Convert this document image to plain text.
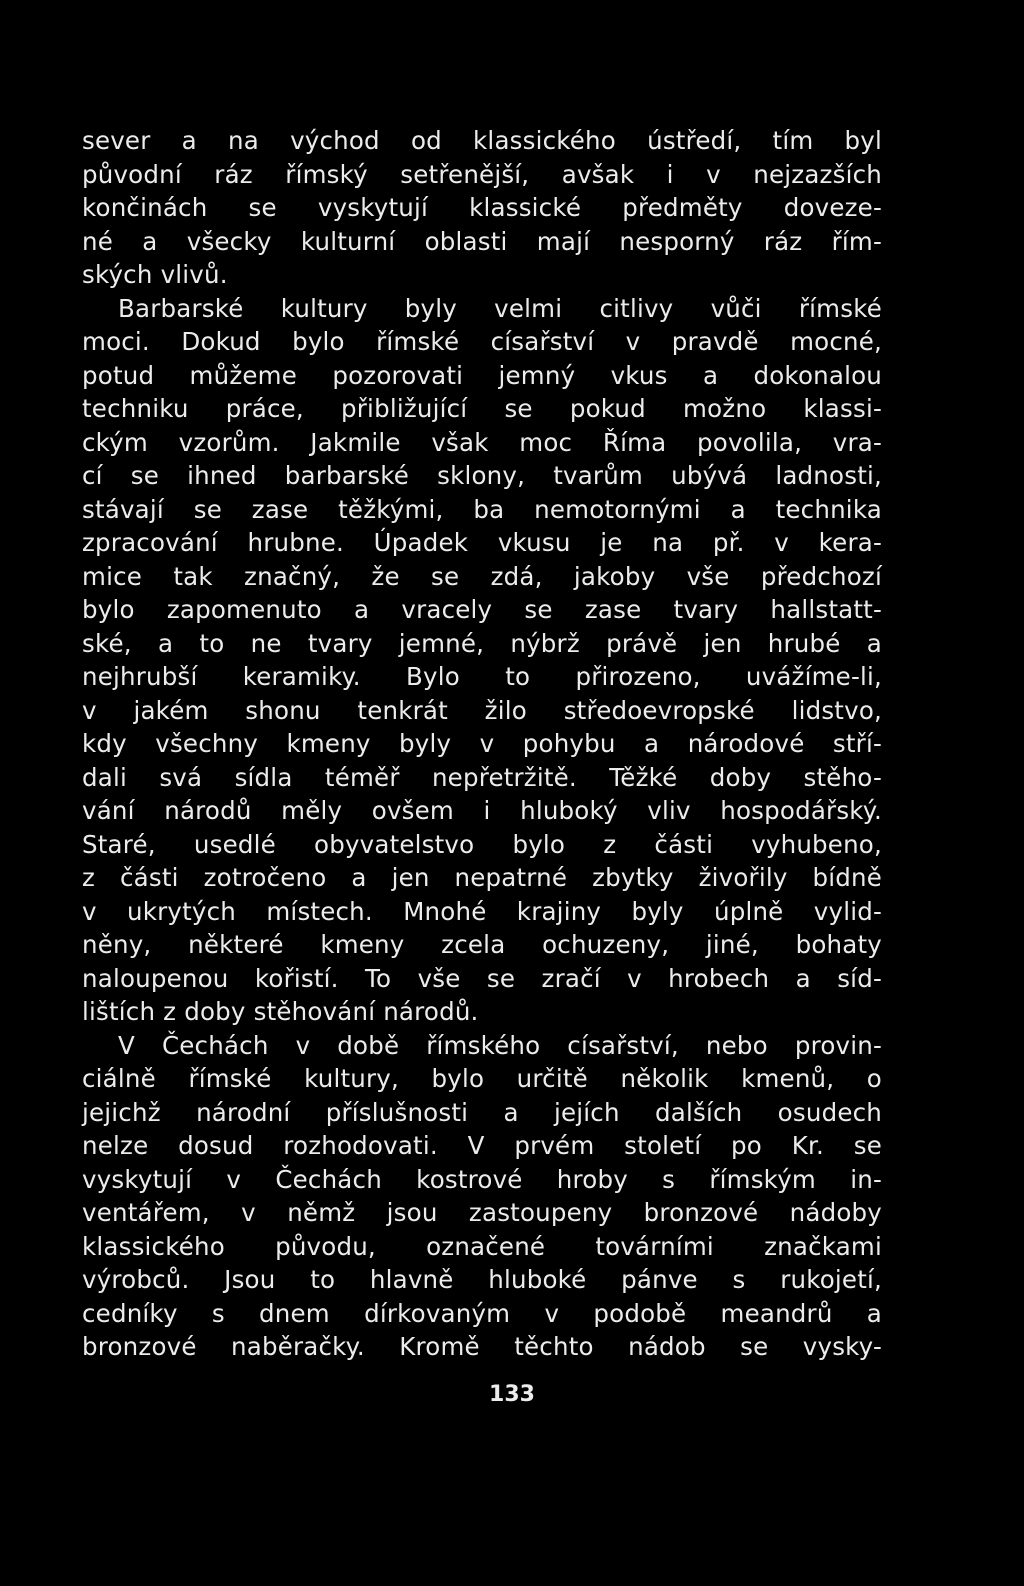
sever a na východ od klassického ústředí, tím byl
původní ráz římský setřenější, avšak i v nejzazších
končinách se vyskytují klassické předměty doveze-
né a všecky kulturní oblasti mají nesporný ráz řím-
ských vlivů.
Barbarské kultury byly velmi citlivy vůči římské
moci. Dokud bylo římské císařství v pravdě mocné,
potud můžeme pozorovati jemný vkus a dokonalou
techniku práce, přibližující se pokud možno klassi-
ckým vzorům. Jakmile však moc Říma povolila, vra-
cí se ihned barbarské sklony, tvarům ubývá ladnosti,
stávají se zase těžkými, ba nemotornými a technika
zpracování hrubne. Úpadek vkusu je na př. v kera-
mice tak značný, že se zdá, jakoby vše předchozí
bylo zapomenuto a vracely se zase tvary hallstatt-
ské, a to ne tvary jemné, nýbrž právě jen hrubé a
nejhrubší keramiky. Bylo to přirozeno, uvážíme-li,
v jakém shonu tenkrát žilo středoevropské lidstvo,
kdy všechny kmeny byly v pohybu a národové stří-
dali svá sídla téměř nepřetržitě. Těžké doby stěho-
vání národů měly ovšem i hluboký vliv hospodářský.
Staré, usedlé obyvatelstvo bylo z části vyhubeno,
z části zotročeno a jen nepatrné zbytky živořily bídně
v ukrytých místech. Mnohé krajiny byly úplně vylid-
něny, některé kmeny zcela ochuzeny, jiné, bohaty
naloupenou kořistí. To vše se zračí v hrobech a síd-
lištích z doby stěhování národů.
V Čechách v době římského císařství, nebo provin-
ciálně římské kultury, bylo určitě několik kmenů, o
jejichž národní příslušnosti a jejích dalších osudech
nelze dosud rozhodovati. V prvém století po Kr. se
vyskytují v Čechách kostrové hroby s římským in-
ventářem, v němž jsou zastoupeny bronzové nádoby
klassického původu, označené továrními značkami
výrobců. Jsou to hlavně hluboké pánve s rukojetí,
cedníky s dnem dírkovaným v podobě meandrů a
bronzové naběračky. Kromě těchto nádob se vysky-
133
